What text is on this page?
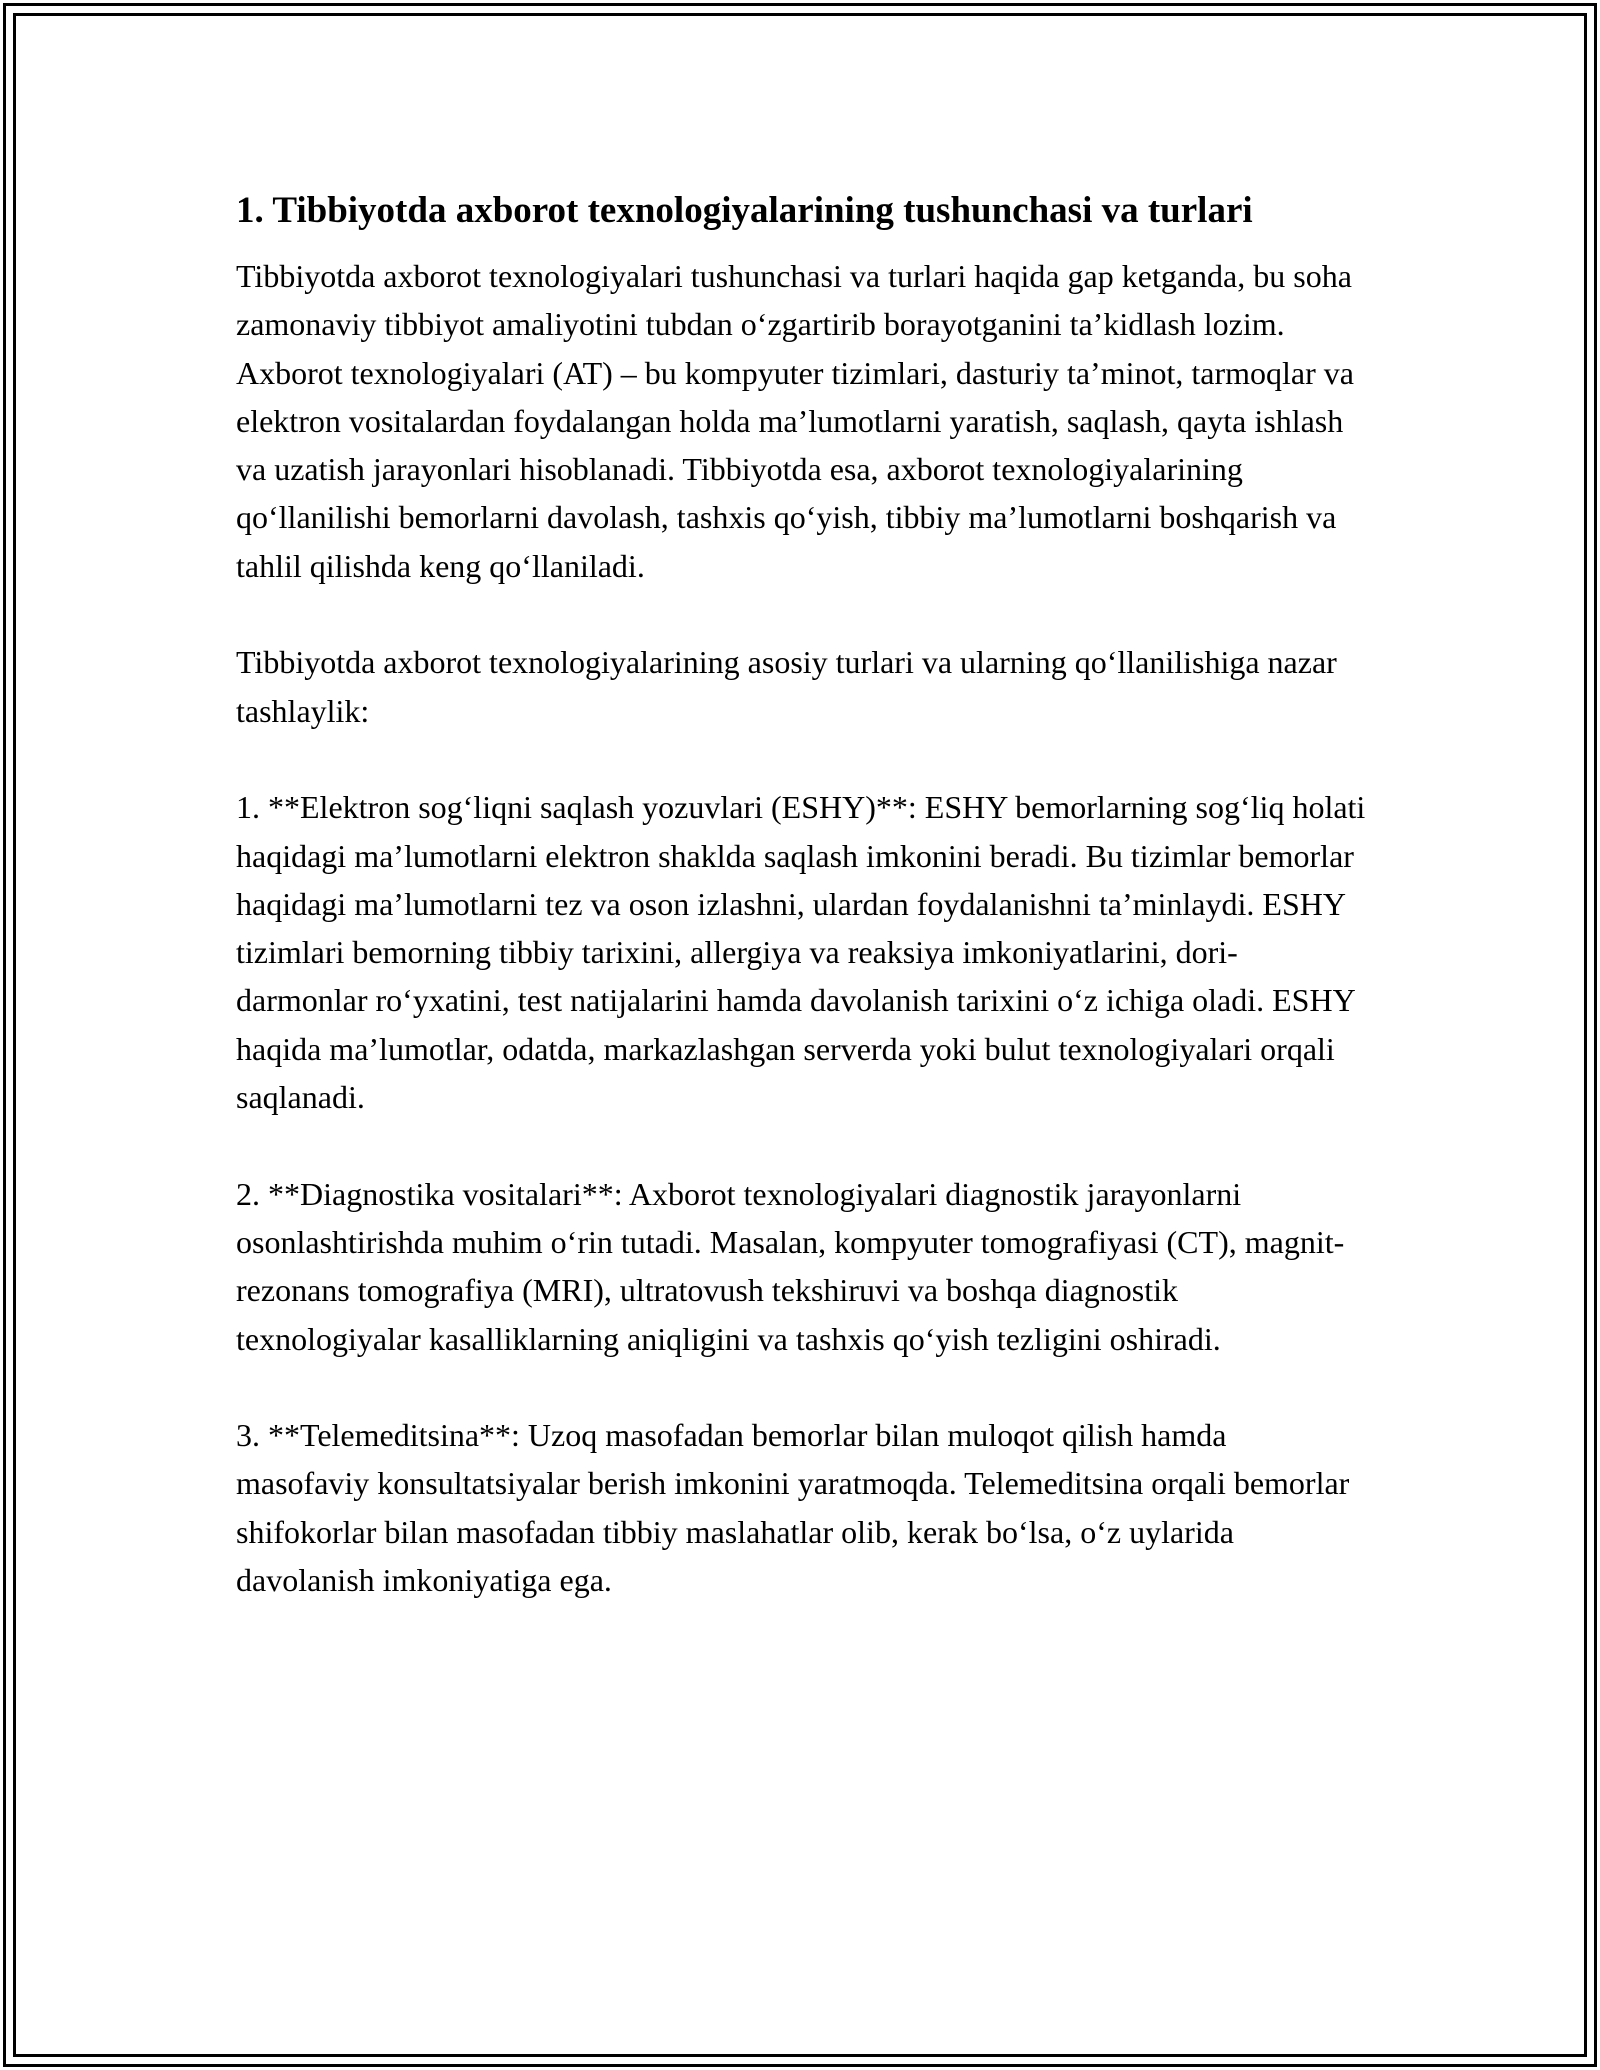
1. Tibbiyotda axborot texnologiyalarining tushunchasi va turlari

Tibbiyotda axborot texnologiyalari tushunchasi va turlari haqida gap ketganda, bu soha zamonaviy tibbiyot amaliyotini tubdan oʻzgartirib borayotganini taʼkidlash lozim. Axborot texnologiyalari (AT) – bu kompyuter tizimlari, dasturiy taʼminot, tarmoqlar va elektron vositalardan foydalangan holda maʼlumotlarni yaratish, saqlash, qayta ishlash va uzatish jarayonlari hisoblanadi. Tibbiyotda esa, axborot texnologiyalarining qoʻllanilishi bemorlarni davolash, tashxis qoʻyish, tibbiy maʼlumotlarni boshqarish va tahlil qilishda keng qoʻllaniladi.

Tibbiyotda axborot texnologiyalarining asosiy turlari va ularning qoʻllanilishiga nazar tashlaylik:

1. **Elektron sogʻliqni saqlash yozuvlari (ESHY)**: ESHY bemorlarning sogʻliq holati haqidagi maʼlumotlarni elektron shaklda saqlash imkonini beradi. Bu tizimlar bemorlar haqidagi maʼlumotlarni tez va oson izlashni, ulardan foydalanishni taʼminlaydi. ESHY tizimlari bemorning tibbiy tarixini, allergiya va reaksiya imkoniyatlarini, dori-darmonlar roʻyxatini, test natijalarini hamda davolanish tarixini oʻz ichiga oladi. ESHY haqida maʼlumotlar, odatda, markazlashgan serverda yoki bulut texnologiyalari orqali saqlanadi.

2. **Diagnostika vositalari**: Axborot texnologiyalari diagnostik jarayonlarni osonlashtirishda muhim oʻrin tutadi. Masalan, kompyuter tomografiyasi (CT), magnit-rezonans tomografiya (MRI), ultratovush tekshiruvi va boshqa diagnostik texnologiyalar kasalliklarning aniqligini va tashxis qoʻyish tezligini oshiradi.

3. **Telemeditsina**: Uzoq masofadan bemorlar bilan muloqot qilish hamda masofaviy konsultatsiyalar berish imkonini yaratmoqda. Telemeditsina orqali bemorlar shifokorlar bilan masofadan tibbiy maslahatlar olib, kerak boʻlsa, oʻz uylarida davolanish imkoniyatiga ega.
